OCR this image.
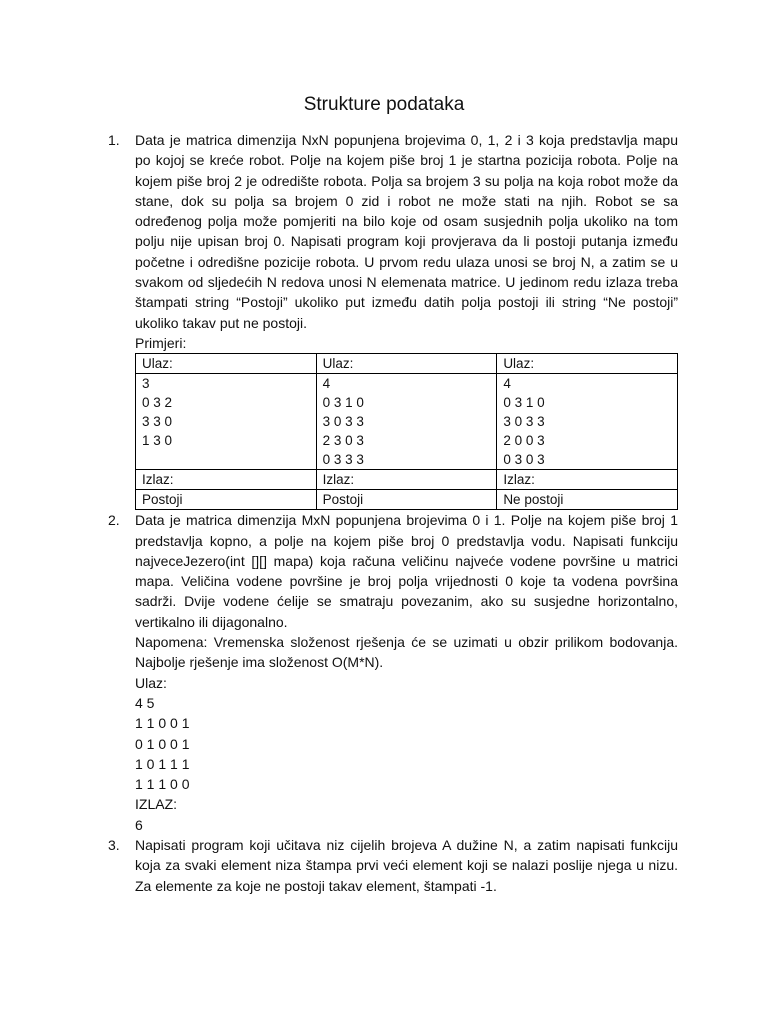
Strukture podataka
1. Data je matrica dimenzija NxN popunjena brojevima 0, 1, 2 i 3 koja predstavlja mapu po kojoj se kreće robot. Polje na kojem piše broj 1 je startna pozicija robota. Polje na kojem piše broj 2 je odredište robota. Polja sa brojem 3 su polja na koja robot može da stane, dok su polja sa brojem 0 zid i robot ne može stati na njih. Robot se sa određenog polja može pomjeriti na bilo koje od osam susjednih polja ukoliko na tom polju nije upisan broj 0. Napisati program koji provjerava da li postoji putanja između početne i odredišne pozicije robota. U prvom redu ulaza unosi se broj N, a zatim se u svakom od sljedećih N redova unosi N elemenata matrice. U jedinom redu izlaza treba štampati string “Postoji” ukoliko put između datih polja postoji ili string “Ne postoji” ukoliko takav put ne postoji.

Primjeri:
Ulaz:	Ulaz:	Ulaz:

3
0 3 2
3 3 0
1 3 0	4
0 3 1 0
3 0 3 3
2 3 0 3
0 3 3 3	4
0 3 1 0
3 0 3 3
2 0 0 3
0 3 0 3

Izlaz:	Izlaz:	Izlaz:
Postoji	Postoji	Ne postoji
2. Data je matrica dimenzija MxN popunjena brojevima 0 i 1. Polje na kojem piše broj 1 predstavlja kopno, a polje na kojem piše broj 0 predstavlja vodu. Napisati funkciju najveceJezero(int [][] mapa) koja računa veličinu najveće vodene površine u matrici mapa. Veličina vodene površine je broj polja vrijednosti 0 koje ta vodena površina sadrži. Dvije vodene ćelije se smatraju povezanim, ako su susjedne horizontalno, vertikalno ili dijagonalno.

Napomena: Vremenska složenost rješenja će se uzimati u obzir prilikom bodovanja. Najbolje rješenje ima složenost O(M*N).

Ulaz:
4 5
1 1 0 0 1
0 1 0 0 1
1 0 1 1 1
1 1 1 0 0
IZLAZ:
6
3. Napisati program koji učitava niz cijelih brojeva A dužine N, a zatim napisati funkciju koja za svaki element niza štampa prvi veći element koji se nalazi poslije njega u nizu. Za elemente za koje ne postoji takav element, štampati -1.
